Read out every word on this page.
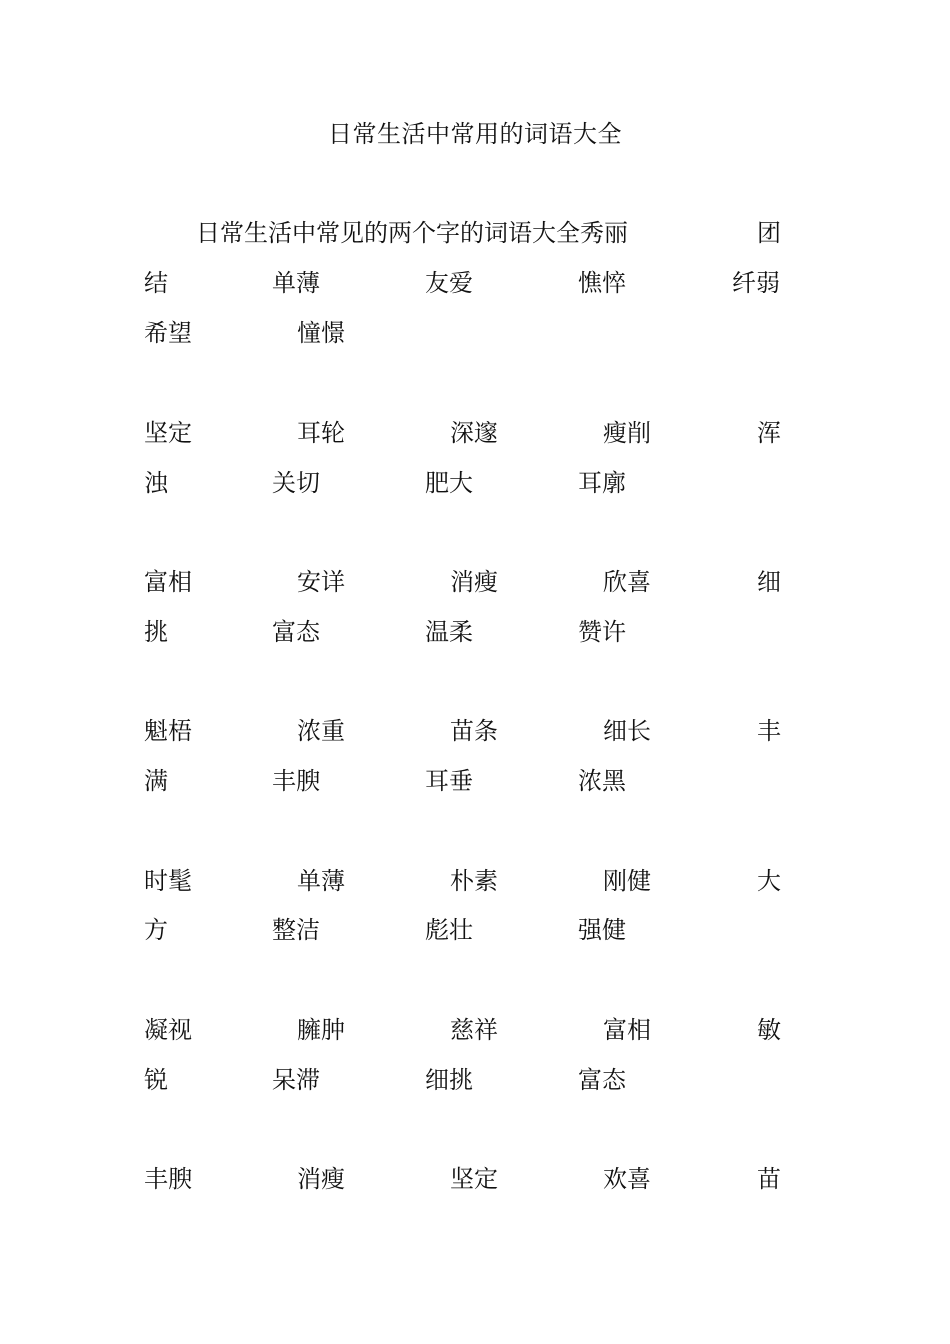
日常生活中常用的词语大全
日常生活中常见的两个字的词语大全秀丽	团
结	单薄	友爱	憔悴	纤弱
希望	憧憬
坚定	耳轮	深邃	瘦削	浑
浊	关切	肥大	耳廓
富相	安详	消瘦	欣喜	细
挑	富态	温柔	赞许
魁梧	浓重	苗条	细长	丰
满	丰腴	耳垂	浓黑
时髦	单薄	朴素	刚健	大
方	整洁	彪壮	强健
凝视	臃肿	慈祥	富相	敏
锐	呆滞	细挑	富态
丰腴	消瘦	坚定	欢喜	苗
